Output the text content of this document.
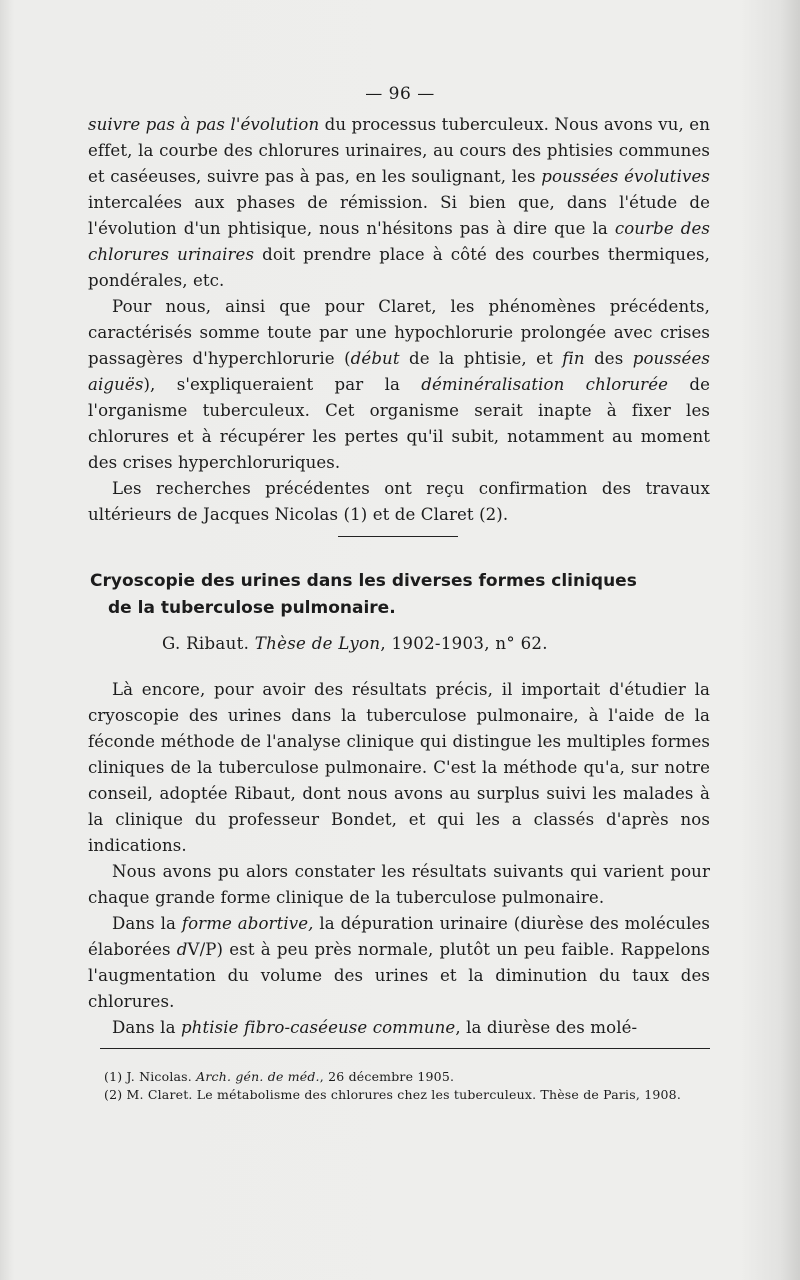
— 96 —

suivre pas à pas l'évolution du processus tuberculeux. Nous avons vu, en effet, la courbe des chlorures urinaires, au cours des phtisies communes et caséeuses, suivre pas à pas, en les soulignant, les poussées évolutives intercalées aux phases de rémission. Si bien que, dans l'étude de l'évolution d'un phtisique, nous n'hésitons pas à dire que la courbe des chlorures urinaires doit prendre place à côté des courbes thermiques, pondérales, etc.

Pour nous, ainsi que pour Claret, les phénomènes précédents, caractérisés somme toute par une hypochlorurie prolongée avec crises passagères d'hyperchlorurie (début de la phtisie, et fin des poussées aiguës), s'expliqueraient par la déminéralisation chlorurée de l'organisme tuberculeux. Cet organisme serait inapte à fixer les chlorures et à récupérer les pertes qu'il subit, notamment au moment des crises hyperchloruriques.

Les recherches précédentes ont reçu confirmation des travaux ultérieurs de Jacques Nicolas (1) et de Claret (2).

Cryoscopie des urines dans les diverses formes cliniques
de la tuberculose pulmonaire.
G. Ribaut. Thèse de Lyon, 1902-1903, n° 62.

Là encore, pour avoir des résultats précis, il importait d'étudier la cryoscopie des urines dans la tuberculose pulmonaire, à l'aide de la féconde méthode de l'analyse clinique qui distingue les multiples formes cliniques de la tuberculose pulmonaire. C'est la méthode qu'a, sur notre conseil, adoptée Ribaut, dont nous avons au surplus suivi les malades à la clinique du professeur Bondet, et qui les a classés d'après nos indications.

Nous avons pu alors constater les résultats suivants qui varient pour chaque grande forme clinique de la tuberculose pulmonaire.

Dans la forme abortive, la dépuration urinaire (diurèse des molécules élaborées dV/P) est à peu près normale, plutôt un peu faible. Rappelons l'augmentation du volume des urines et la diminution du taux des chlorures.

Dans la phtisie fibro-caséeuse commune, la diurèse des molé-

(1) J. Nicolas. Arch. gén. de méd., 26 décembre 1905.

(2) M. Claret. Le métabolisme des chlorures chez les tuberculeux. Thèse de Paris, 1908.
